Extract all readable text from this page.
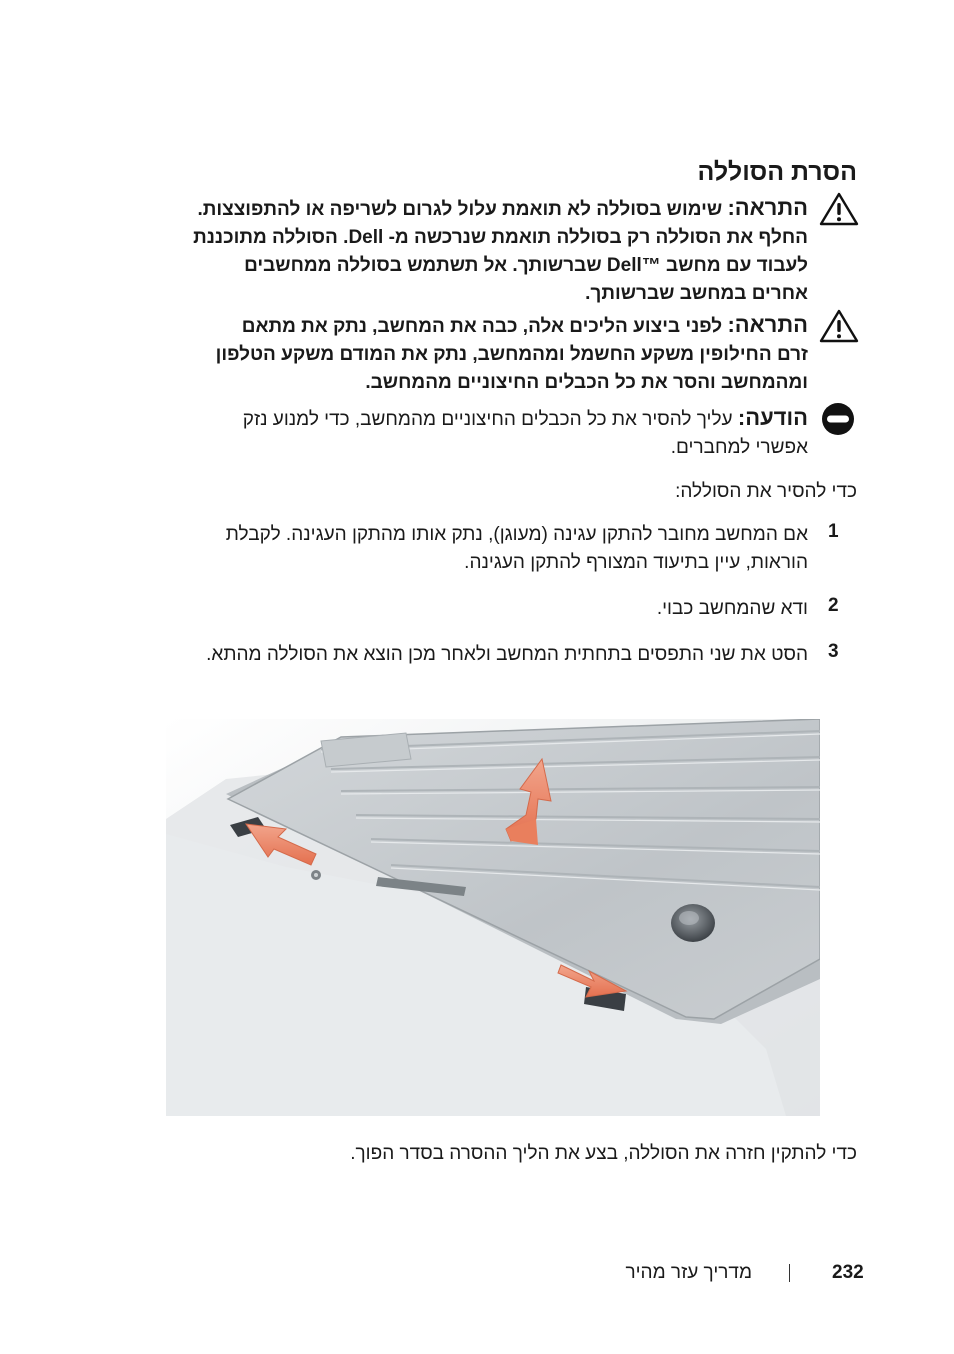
הסרת הסוללה

התראה: שימוש בסוללה לא תואמת עלול לגרום לשריפה או להתפוצצות.

החלף את הסוללה רק בסוללה תואמת שנרכשה מ- Dell. הסוללה מתוכננת

לעבוד עם מחשב ™Dell שברשותך. אל תשתמש בסוללה ממחשבים

אחרים במחשב שברשותך.

התראה: לפני ביצוע הליכים אלה, כבה את המחשב, נתק את מתאם

זרם החילופין משקע החשמל ומהמחשב, נתק את המודם משקע הטלפון

ומהמחשב והסר את כל הכבלים החיצוניים מהמחשב.

הודעה: עליך להסיר את כל הכבלים החיצוניים מהמחשב, כדי למנוע נזק

אפשרי למחברים.

כדי להסיר את הסוללה:
1
אם המחשב מחובר להתקן עגינה (מעוגן), נתק אותו מהתקן העגינה. לקבלת
הוראות, עיין בתיעוד המצורף להתקן העגינה.
2
ודא שהמחשב כבוי.
3
הסט את שני התפסים בתחתית המחשב ולאחר מכן הוצא את הסוללה מהתא.
כדי להתקין חזרה את הסוללה, בצע את הליך ההסרה בסדר הפוך.
232
מדריך עזר מהיר
